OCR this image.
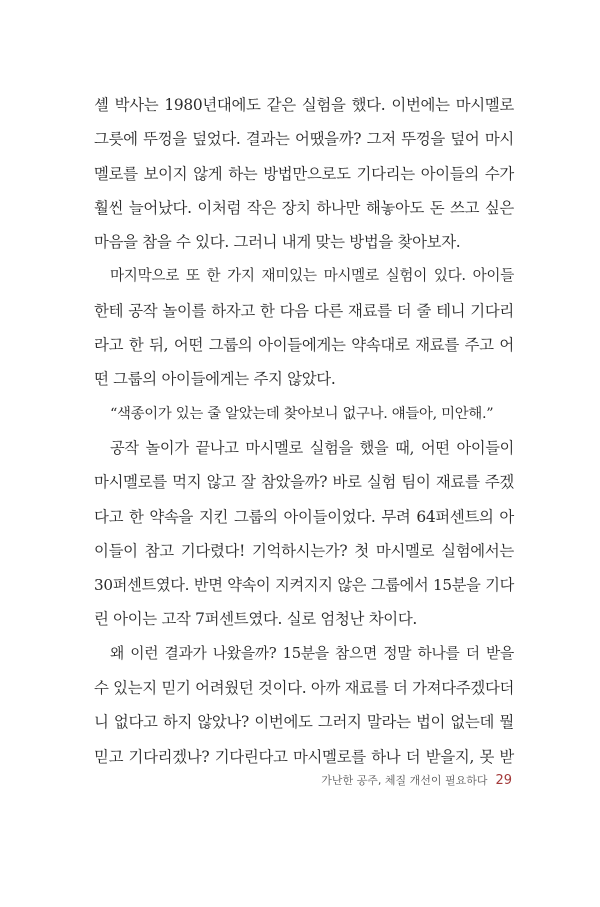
셸 박사는 1980년대에도 같은 실험을 했다. 이번에는 마시멜로
그릇에 뚜껑을 덮었다. 결과는 어땠을까? 그저 뚜껑을 덮어 마시
멜로를 보이지 않게 하는 방법만으로도 기다리는 아이들의 수가
훨씬 늘어났다. 이처럼 작은 장치 하나만 해놓아도 돈 쓰고 싶은
마음을 참을 수 있다. 그러니 내게 맞는 방법을 찾아보자.
마지막으로 또 한 가지 재미있는 마시멜로 실험이 있다. 아이들
한테 공작 놀이를 하자고 한 다음 다른 재료를 더 줄 테니 기다리
라고 한 뒤, 어떤 그룹의 아이들에게는 약속대로 재료를 주고 어
떤 그룹의 아이들에게는 주지 않았다.
“색종이가 있는 줄 알았는데 찾아보니 없구나. 얘들아, 미안해.”
공작 놀이가 끝나고 마시멜로 실험을 했을 때, 어떤 아이들이
마시멜로를 먹지 않고 잘 참았을까? 바로 실험 팀이 재료를 주겠
다고 한 약속을 지킨 그룹의 아이들이었다. 무려 64퍼센트의 아
이들이 참고 기다렸다! 기억하시는가? 첫 마시멜로 실험에서는
30퍼센트였다. 반면 약속이 지켜지지 않은 그룹에서 15분을 기다
린 아이는 고작 7퍼센트였다. 실로 엄청난 차이다.
왜 이런 결과가 나왔을까? 15분을 참으면 정말 하나를 더 받을
수 있는지 믿기 어려웠던 것이다. 아까 재료를 더 가져다주겠다더
니 없다고 하지 않았나? 이번에도 그러지 말라는 법이 없는데 뭘
믿고 기다리겠나? 기다린다고 마시멜로를 하나 더 받을지, 못 받
가난한 공주, 체질 개선이 필요하다 29
